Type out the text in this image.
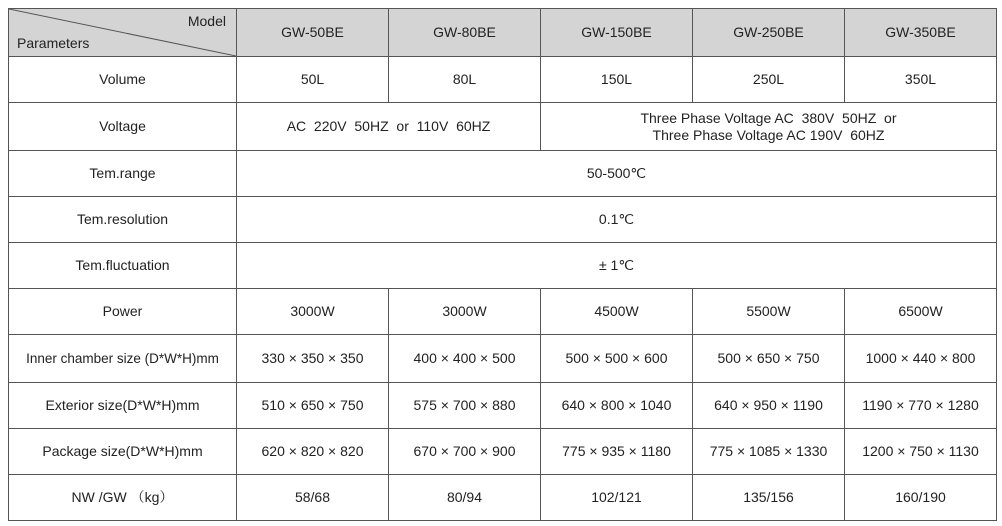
Model
Parameters	GW-50BE	GW-80BE	GW-150BE	GW-250BE	GW-350BE
Volume	50L	80L	150L	250L	350L
Voltage	AC  220V  50HZ  or  110V  60HZ		Three Phase Voltage AC  380V  50HZ  or
Three Phase Voltage AC 190V  60HZ		

Tem.range	50-500℃				
Tem.resolution	0.1℃				
Tem.fluctuation	± 1℃				
Power	3000W	3000W	4500W	5500W	6500W
Inner chamber size (D*W*H)mm	330 × 350 × 350	400 × 400 × 500	500 × 500 × 600	500 × 650 × 750	1000 × 440 × 800
Exterior size(D*W*H)mm	510 × 650 × 750	575 × 700 × 880	640 × 800 × 1040	640 × 950 × 1190	1190 × 770 × 1280
Package size(D*W*H)mm	620 × 820 × 820	670 × 700 × 900	775 × 935 × 1180	775 × 1085 × 1330	1200 × 750 × 1130
NW /GW （kg）	58/68	80/94	102/121	135/156	160/190
